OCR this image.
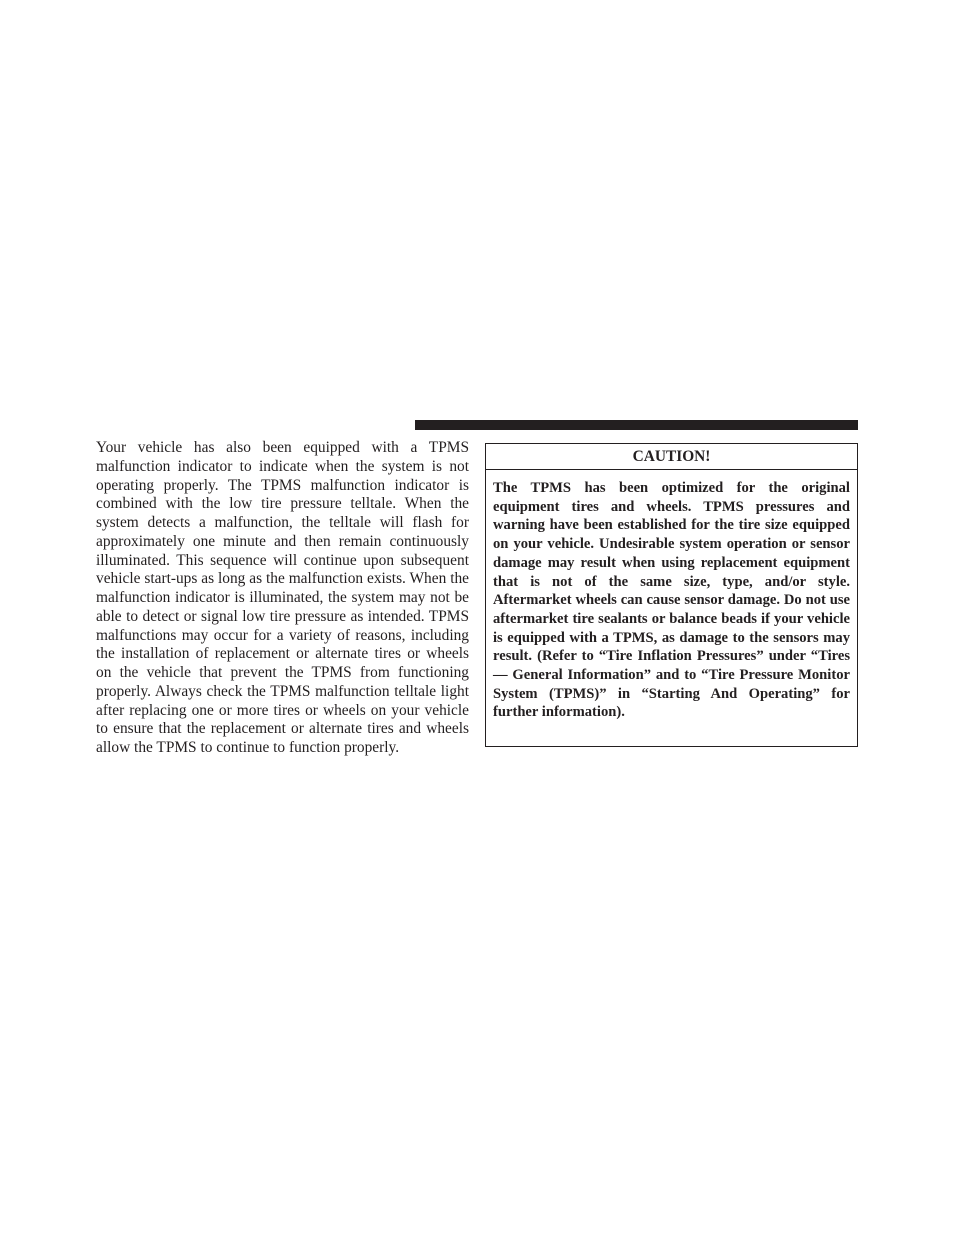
Your vehicle has also been equipped with a TPMS malfunction indicator to indicate when the system is not operating properly. The TPMS malfunction indicator is combined with the low tire pressure telltale. When the system detects a malfunction, the telltale will flash for approximately one minute and then remain continuously illuminated. This sequence will continue upon subsequent vehicle start-ups as long as the malfunction exists. When the malfunction indicator is illuminated, the system may not be able to detect or signal low tire pressure as intended. TPMS malfunctions may occur for a variety of reasons, including the installation of replacement or alternate tires or wheels on the vehicle that prevent the TPMS from functioning properly. Always check the TPMS malfunction telltale light after replacing one or more tires or wheels on your vehicle to ensure that the replacement or alternate tires and wheels allow the TPMS to continue to function properly.

CAUTION!

The TPMS has been optimized for the original equipment tires and wheels. TPMS pressures and warning have been established for the tire size equipped on your vehicle. Undesirable system operation or sensor damage may result when using replacement equipment that is not of the same size, type, and/or style. Aftermarket wheels can cause sensor damage. Do not use aftermarket tire sealants or balance beads if your vehicle is equipped with a TPMS, as damage to the sensors may result. (Refer to “Tire Inflation Pressures” under “Tires — General Information” and to “Tire Pressure Monitor System (TPMS)” in “Starting And Operating” for further information).
